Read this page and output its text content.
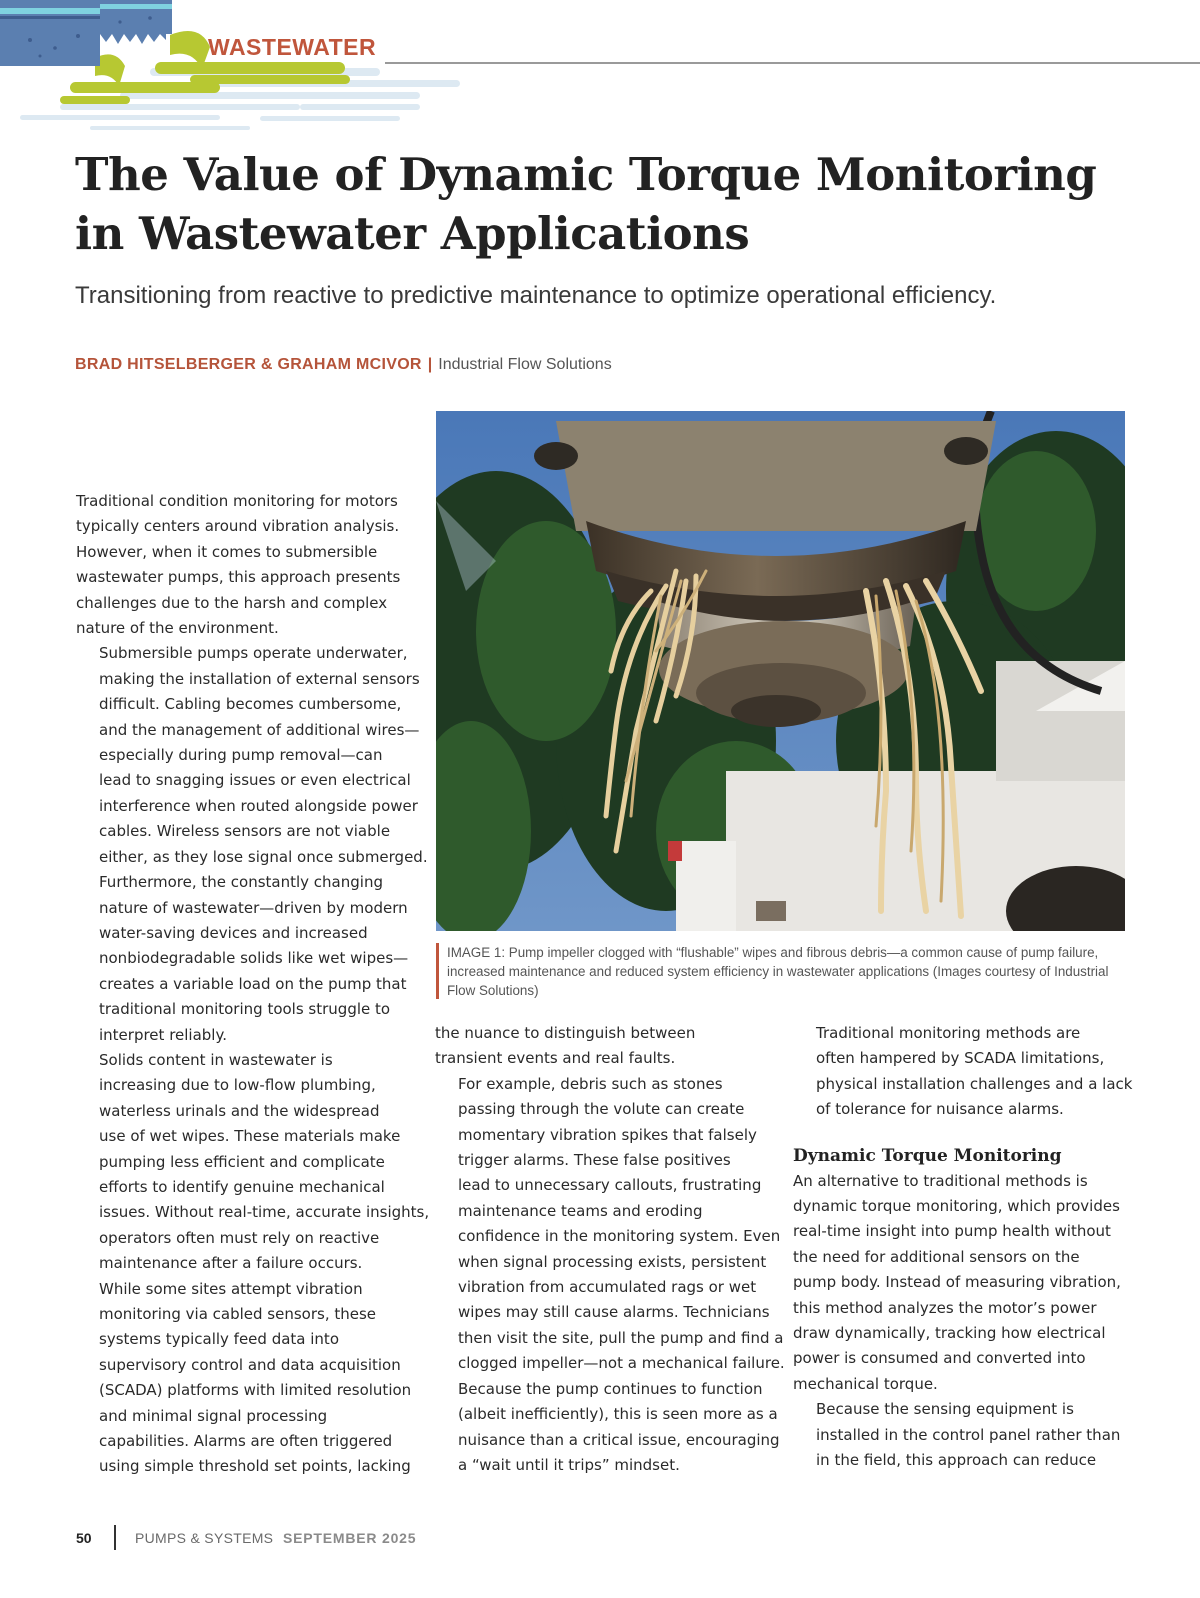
WASTEWATER
The Value of Dynamic Torque Monitoring in Wastewater Applications
Transitioning from reactive to predictive maintenance to optimize operational efficiency.
BRAD HITSELBERGER & GRAHAM MCIVOR | Industrial Flow Solutions
IMAGE 1: Pump impeller clogged with “flushable” wipes and fibrous debris—a common cause of pump failure, increased maintenance and reduced system efficiency in wastewater applications (Images courtesy of Industrial Flow Solutions)

Traditional condition monitoring for motors
typically centers around vibration analysis.
However, when it comes to submersible
wastewater pumps, this approach presents
challenges due to the harsh and complex
nature of the environment.

Submersible pumps operate underwater,
making the installation of external sensors
difficult. Cabling becomes cumbersome,
and the management of additional wires—
especially during pump removal—can
lead to snagging issues or even electrical
interference when routed alongside power
cables. Wireless sensors are not viable
either, as they lose signal once submerged.
Furthermore, the constantly changing
nature of wastewater—driven by modern
water-saving devices and increased
nonbiodegradable solids like wet wipes—
creates a variable load on the pump that
traditional monitoring tools struggle to
interpret reliably.

Solids content in wastewater is
increasing due to low-flow plumbing,
waterless urinals and the widespread
use of wet wipes. These materials make
pumping less efficient and complicate
efforts to identify genuine mechanical
issues. Without real-time, accurate insights,
operators often must rely on reactive
maintenance after a failure occurs.

While some sites attempt vibration
monitoring via cabled sensors, these
systems typically feed data into
supervisory control and data acquisition
(SCADA) platforms with limited resolution
and minimal signal processing
capabilities. Alarms are often triggered
using simple threshold set points, lacking

the nuance to distinguish between
transient events and real faults.

For example, debris such as stones
passing through the volute can create
momentary vibration spikes that falsely
trigger alarms. These false positives
lead to unnecessary callouts, frustrating
maintenance teams and eroding
confidence in the monitoring system. Even
when signal processing exists, persistent
vibration from accumulated rags or wet
wipes may still cause alarms. Technicians
then visit the site, pull the pump and find a
clogged impeller—not a mechanical failure.
Because the pump continues to function
(albeit inefficiently), this is seen more as a
nuisance than a critical issue, encouraging
a “wait until it trips” mindset.

Traditional monitoring methods are
often hampered by SCADA limitations,
physical installation challenges and a lack
of tolerance for nuisance alarms.

Dynamic Torque Monitoring

An alternative to traditional methods is
dynamic torque monitoring, which provides
real-time insight into pump health without
the need for additional sensors on the
pump body. Instead of measuring vibration,
this method analyzes the motor’s power
draw dynamically, tracking how electrical
power is consumed and converted into
mechanical torque.

Because the sensing equipment is
installed in the control panel rather than
in the field, this approach can reduce

50	PUMPS & SYSTEMS SEPTEMBER 2025
